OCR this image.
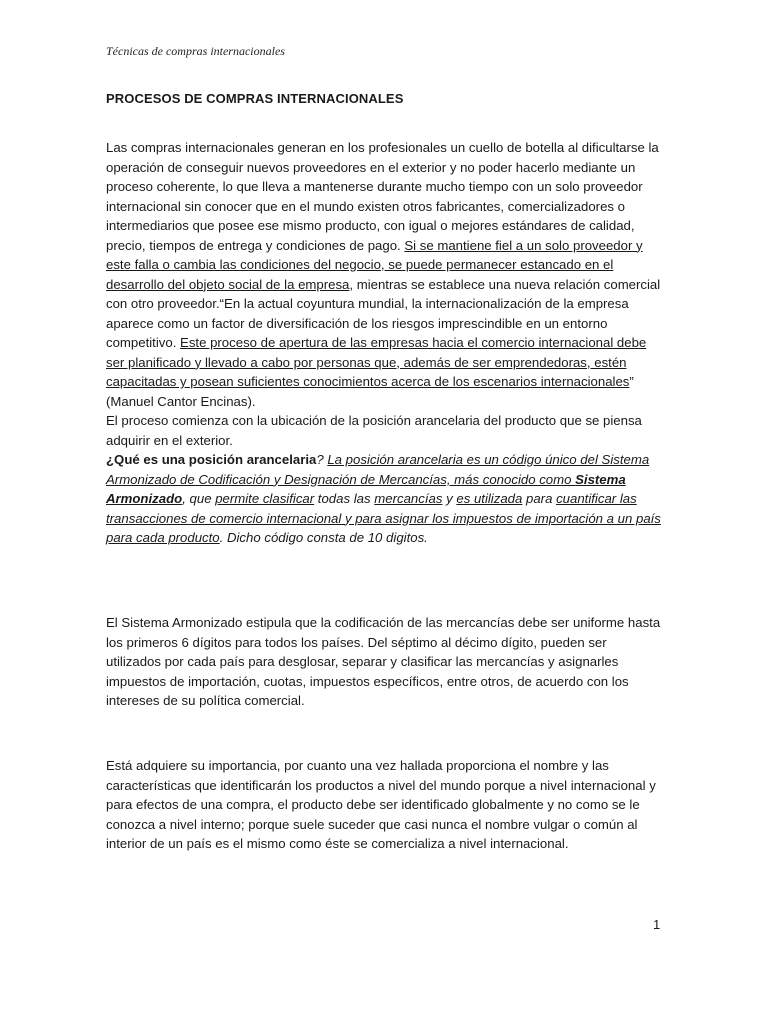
Técnicas de compras internacionales
PROCESOS DE COMPRAS INTERNACIONALES

Las compras internacionales generan en los profesionales un cuello de botella al dificultarse la operación de conseguir nuevos proveedores en el exterior y no poder hacerlo mediante un proceso coherente, lo que lleva a mantenerse durante mucho tiempo con un solo proveedor internacional sin conocer que en el mundo existen otros fabricantes, comercializadores o intermediarios que posee ese mismo producto, con igual o mejores estándares de calidad, precio, tiempos de entrega y condiciones de pago. Si se mantiene fiel a un solo proveedor y este falla o cambia las condiciones del negocio, se puede permanecer estancado en el desarrollo del objeto social de la empresa, mientras se establece una nueva relación comercial con otro proveedor.“En la actual coyuntura mundial, la internacionalización de la empresa aparece como un factor de diversificación de los riesgos imprescindible en un entorno competitivo. Este proceso de apertura de las empresas hacia el comercio internacional debe ser planificado y llevado a cabo por personas que, además de ser emprendedoras, estén capacitadas y posean suficientes conocimientos acerca de los escenarios internacionales” (Manuel Cantor Encinas).

El proceso comienza con la ubicación de la posición arancelaria del producto que se piensa adquirir en el exterior.

¿Qué es una posición arancelaria? La posición arancelaria es un código único del Sistema Armonizado de Codificación y Designación de Mercancías, más conocido como Sistema Armonizado, que permite clasificar todas las mercancías y es utilizada para cuantificar las transacciones de comercio internacional y para asignar los impuestos de importación a un país para cada producto. Dicho código consta de 10 digitos.

El Sistema Armonizado estipula que la codificación de las mercancías debe ser uniforme hasta los primeros 6 dígitos para todos los países. Del séptimo al décimo dígito, pueden ser utilizados por cada país para desglosar, separar y clasificar las mercancías y asignarles impuestos de importación, cuotas, impuestos específicos, entre otros, de acuerdo con los intereses de su política comercial.
Está adquiere su importancia, por cuanto una vez hallada proporciona el nombre y las características que identificarán los productos a nivel del mundo porque a nivel internacional y para efectos de una compra, el producto debe ser identificado globalmente y no como se le conozca a nivel interno; porque suele suceder que casi nunca el nombre vulgar o común al interior de un país es el mismo como éste se comercializa a nivel internacional.
1
